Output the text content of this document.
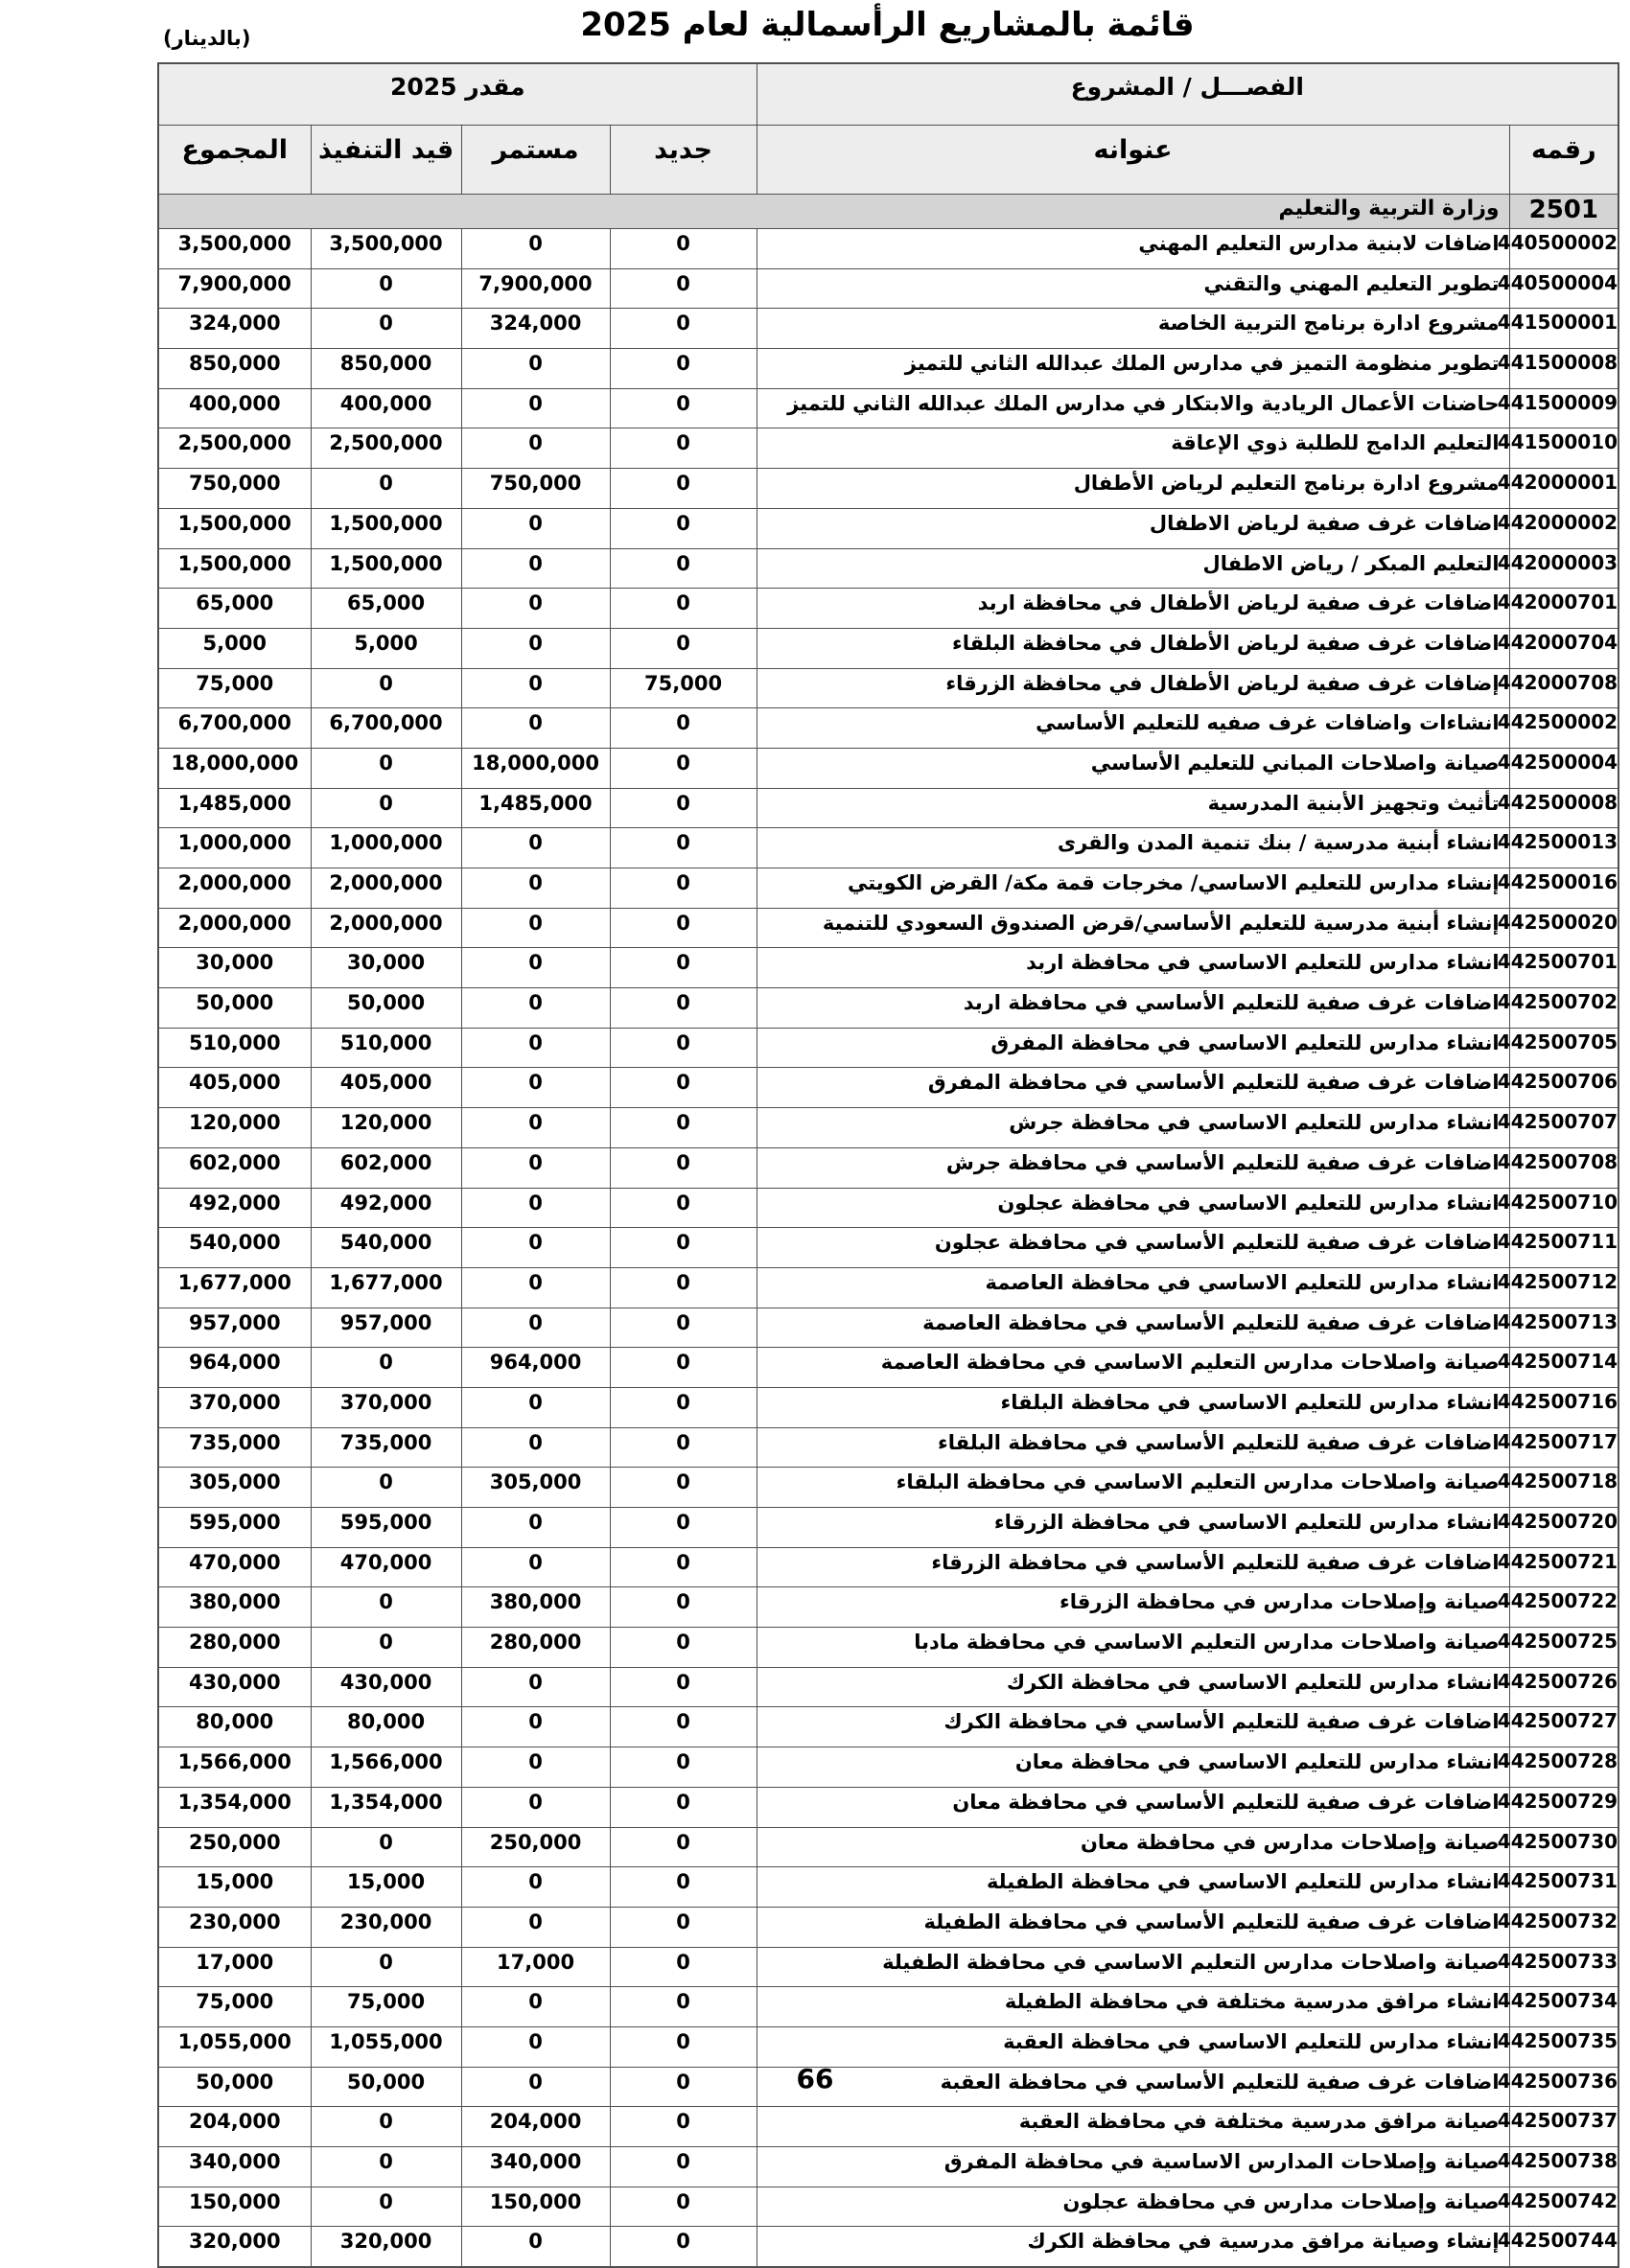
قائمة بالمشاريع الرأسمالية لعام 2025
(بالدينار)
الفصـــل / المشروع		مقدر 2025			
رقمه	عنوانه	جديد	مستمر	قيد التنفيذ	المجموع
2501	وزارة التربية والتعليم				
440500002	اضافات لابنية مدارس التعليم المهني	0	0	3,500,000	3,500,000
440500004	تطوير التعليم المهني والتقني	0	7,900,000	0	7,900,000
441500001	مشروع ادارة برنامج التربية الخاصة	0	324,000	0	324,000
441500008	تطوير منظومة التميز في مدارس الملك عبدالله الثاني للتميز	0	0	850,000	850,000
441500009	حاضنات الأعمال الريادية والابتكار في مدارس الملك عبدالله الثاني للتميز	0	0	400,000	400,000
441500010	التعليم الدامج للطلبة ذوي الإعاقة	0	0	2,500,000	2,500,000
442000001	مشروع ادارة برنامج التعليم لرياض الأطفال	0	750,000	0	750,000
442000002	اضافات غرف صفية لرياض الاطفال	0	0	1,500,000	1,500,000
442000003	التعليم المبكر / رياض الاطفال	0	0	1,500,000	1,500,000
442000701	اضافات غرف صفية لرياض الأطفال في محافظة اربد	0	0	65,000	65,000
442000704	اضافات غرف صفية لرياض الأطفال في محافظة البلقاء	0	0	5,000	5,000
442000708	إضافات غرف صفية لرياض الأطفال في محافظة الزرقاء	75,000	0	0	75,000
442500002	انشاءات واضافات غرف صفيه للتعليم الأساسي	0	0	6,700,000	6,700,000
442500004	صيانة واصلاحات المباني للتعليم الأساسي	0	18,000,000	0	18,000,000
442500008	تأثيث وتجهيز الأبنية المدرسية	0	1,485,000	0	1,485,000
442500013	انشاء أبنية مدرسية / بنك تنمية المدن والقرى	0	0	1,000,000	1,000,000
442500016	إنشاء مدارس للتعليم الاساسي/ مخرجات قمة مكة/ القرض الكويتي	0	0	2,000,000	2,000,000
442500020	إنشاء أبنية مدرسية للتعليم الأساسي/قرض الصندوق السعودي للتنمية	0	0	2,000,000	2,000,000
442500701	انشاء مدارس للتعليم الاساسي في محافظة اربد	0	0	30,000	30,000
442500702	اضافات غرف صفية للتعليم الأساسي في محافظة اربد	0	0	50,000	50,000
442500705	انشاء مدارس للتعليم الاساسي في محافظة المفرق	0	0	510,000	510,000
442500706	اضافات غرف صفية للتعليم الأساسي في محافظة المفرق	0	0	405,000	405,000
442500707	انشاء مدارس للتعليم الاساسي في محافظة جرش	0	0	120,000	120,000
442500708	اضافات غرف صفية للتعليم الأساسي في محافظة جرش	0	0	602,000	602,000
442500710	انشاء مدارس للتعليم الاساسي في محافظة عجلون	0	0	492,000	492,000
442500711	اضافات غرف صفية للتعليم الأساسي في محافظة عجلون	0	0	540,000	540,000
442500712	انشاء مدارس للتعليم الاساسي في محافظة العاصمة	0	0	1,677,000	1,677,000
442500713	اضافات غرف صفية للتعليم الأساسي في محافظة العاصمة	0	0	957,000	957,000
442500714	صيانة واصلاحات مدارس التعليم الاساسي في محافظة العاصمة	0	964,000	0	964,000
442500716	انشاء مدارس للتعليم الاساسي في محافظة البلقاء	0	0	370,000	370,000
442500717	اضافات غرف صفية للتعليم الأساسي في محافظة البلقاء	0	0	735,000	735,000
442500718	صيانة واصلاحات مدارس التعليم الاساسي في محافظة البلقاء	0	305,000	0	305,000
442500720	انشاء مدارس للتعليم الاساسي في محافظة الزرقاء	0	0	595,000	595,000
442500721	اضافات غرف صفية للتعليم الأساسي في محافظة الزرقاء	0	0	470,000	470,000
442500722	صيانة وإصلاحات مدارس في محافظة الزرقاء	0	380,000	0	380,000
442500725	صيانة واصلاحات مدارس التعليم الاساسي في محافظة مادبا	0	280,000	0	280,000
442500726	انشاء مدارس للتعليم الاساسي في محافظة الكرك	0	0	430,000	430,000
442500727	اضافات غرف صفية للتعليم الأساسي في محافظة الكرك	0	0	80,000	80,000
442500728	انشاء مدارس للتعليم الاساسي في محافظة معان	0	0	1,566,000	1,566,000
442500729	اضافات غرف صفية للتعليم الأساسي في محافظة معان	0	0	1,354,000	1,354,000
442500730	صيانة وإصلاحات مدارس في محافظة معان	0	250,000	0	250,000
442500731	انشاء مدارس للتعليم الاساسي في محافظة الطفيلة	0	0	15,000	15,000
442500732	اضافات غرف صفية للتعليم الأساسي في محافظة الطفيلة	0	0	230,000	230,000
442500733	صيانة واصلاحات مدارس التعليم الاساسي في محافظة الطفيلة	0	17,000	0	17,000
442500734	انشاء مرافق مدرسية مختلفة في محافظة الطفيلة	0	0	75,000	75,000
442500735	انشاء مدارس للتعليم الاساسي في محافظة العقبة	0	0	1,055,000	1,055,000
442500736	اضافات غرف صفية للتعليم الأساسي في محافظة العقبة	0	0	50,000	50,000
442500737	صيانة مرافق مدرسية مختلفة في محافظة العقبة	0	204,000	0	204,000
442500738	صيانة وإصلاحات المدارس الاساسية في محافظة المفرق	0	340,000	0	340,000
442500742	صيانة وإصلاحات مدارس في محافظة عجلون	0	150,000	0	150,000
442500744	إنشاء وصيانة مرافق مدرسية في محافظة الكرك	0	0	320,000	320,000
66
